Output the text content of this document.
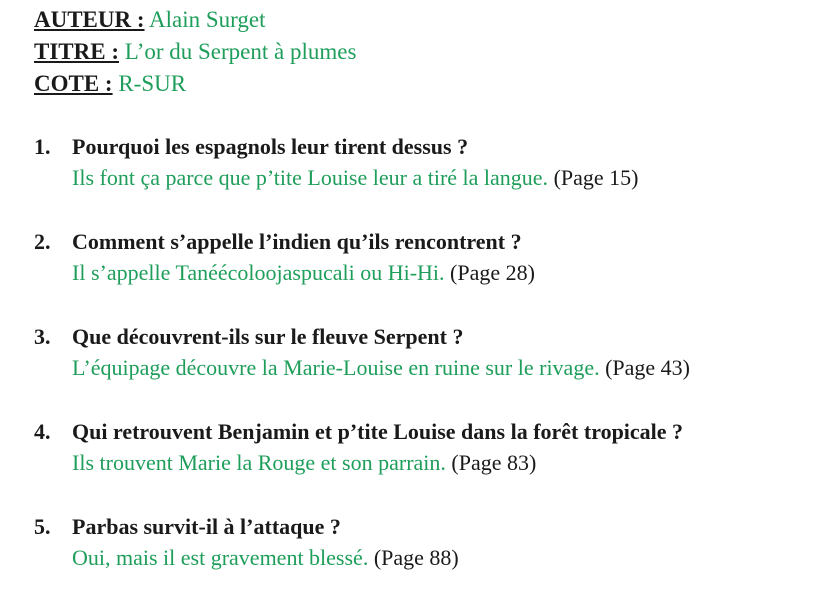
AUTEUR : Alain Surget
TITRE : L’or du Serpent à plumes
COTE : R-SUR
1. Pourquoi les espagnols leur tirent dessus ?
Ils font ça parce que p’tite Louise leur a tiré la langue. (Page 15)
2. Comment s’appelle l’indien qu’ils rencontrent ?
Il s’appelle Tanéécoloojaspucali ou Hi-Hi. (Page 28)
3. Que découvrent-ils sur le fleuve Serpent ?
L’équipage découvre la Marie-Louise en ruine sur le rivage. (Page 43)
4. Qui retrouvent Benjamin et p’tite Louise dans la forêt tropicale ?
Ils trouvent Marie la Rouge et son parrain. (Page 83)
5. Parbas survit-il à l’attaque ?
Oui, mais il est gravement blessé. (Page 88)
